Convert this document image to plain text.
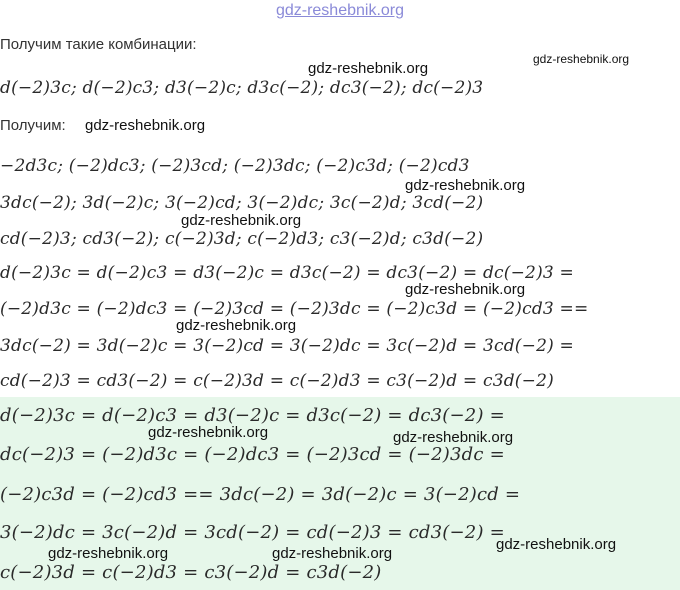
gdz-reshebnik.org
Получим такие комбинации:
gdz-reshebnik.org
gdz-reshebnik.org
d(−2)3c; d(−2)c3; d3(−2)c; d3c(−2); dc3(−2); dc(−2)3
Получим: gdz-reshebnik.org
−2d3c; (−2)dc3; (−2)3cd; (−2)3dc; (−2)c3d; (−2)cd3
gdz-reshebnik.org
3dc(−2); 3d(−2)c; 3(−2)cd; 3(−2)dc; 3c(−2)d; 3cd(−2)
gdz-reshebnik.org
cd(−2)3; cd3(−2); c(−2)3d; c(−2)d3; c3(−2)d; c3d(−2)
d(−2)3c = d(−2)c3 = d3(−2)c = d3c(−2) = dc3(−2) = dc(−2)3 =
gdz-reshebnik.org
(−2)d3c = (−2)dc3 = (−2)3cd = (−2)3dc = (−2)c3d = (−2)cd3 ==
gdz-reshebnik.org
3dc(−2) = 3d(−2)c = 3(−2)cd = 3(−2)dc = 3c(−2)d = 3cd(−2) =
cd(−2)3 = cd3(−2) = c(−2)3d = c(−2)d3 = c3(−2)d = c3d(−2)
d(−2)3c = d(−2)c3 = d3(−2)c = d3c(−2) = dc3(−2) =
gdz-reshebnik.org	gdz-reshebnik.org
dc(−2)3 = (−2)d3c = (−2)dc3 = (−2)3cd = (−2)3dc =
(−2)c3d = (−2)cd3 == 3dc(−2) = 3d(−2)c = 3(−2)cd =
3(−2)dc = 3c(−2)d = 3cd(−2) = cd(−2)3 = cd3(−2) =
gdz-reshebnik.org
gdz-reshebnik.org	gdz-reshebnik.org
c(−2)3d = c(−2)d3 = c3(−2)d = c3d(−2)
